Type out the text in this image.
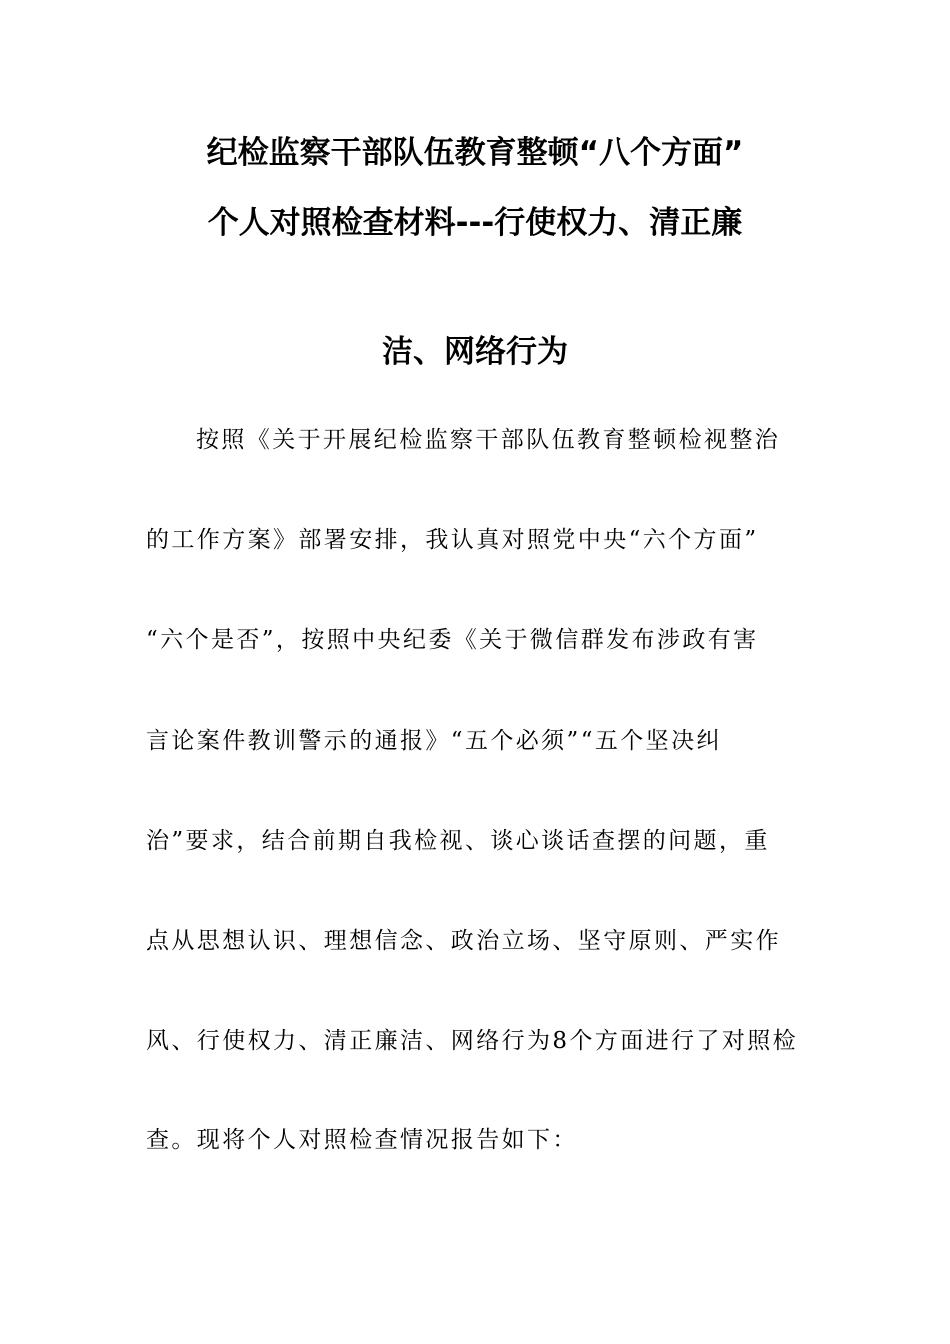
纪检监察干部队伍教育整顿“八个方面”
个人对照检查材料---行使权力、清正廉
洁、网络行为
按照《关于开展纪检监察干部队伍教育整顿检视整治
的工作方案》部署安排，我认真对照党中央“六个方面”
“六个是否”，按照中央纪委《关于微信群发布涉政有害
言论案件教训警示的通报》“五个必须”“五个坚决纠
治”要求，结合前期自我检视、谈心谈话查摆的问题，重
点从思想认识、理想信念、政治立场、坚守原则、严实作
风、行使权力、清正廉洁、网络行为8个方面进行了对照检
查。现将个人对照检查情况报告如下：
